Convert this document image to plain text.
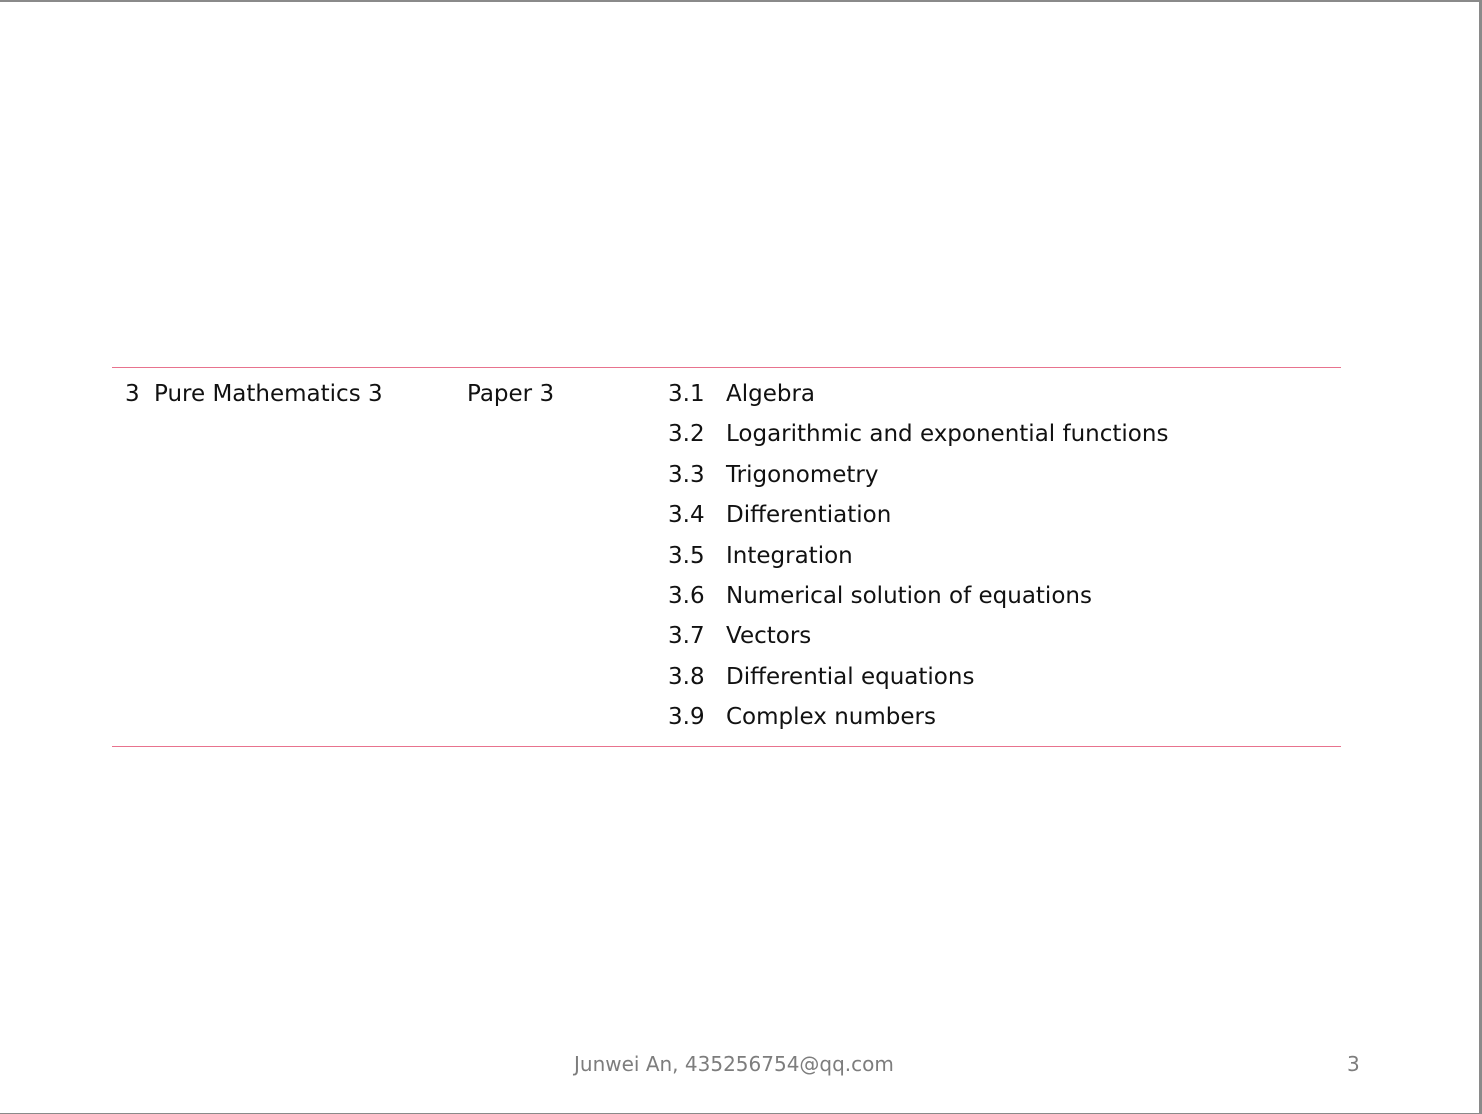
3 Pure Mathematics 3	Paper 3	3.1 Algebra
3.2 Logarithmic and exponential functions
3.3 Trigonometry
3.4 Differentiation
3.5 Integration
3.6 Numerical solution of equations
3.7 Vectors
3.8 Differential equations
3.9 Complex numbers
Junwei An, 435256754@qq.com	3
